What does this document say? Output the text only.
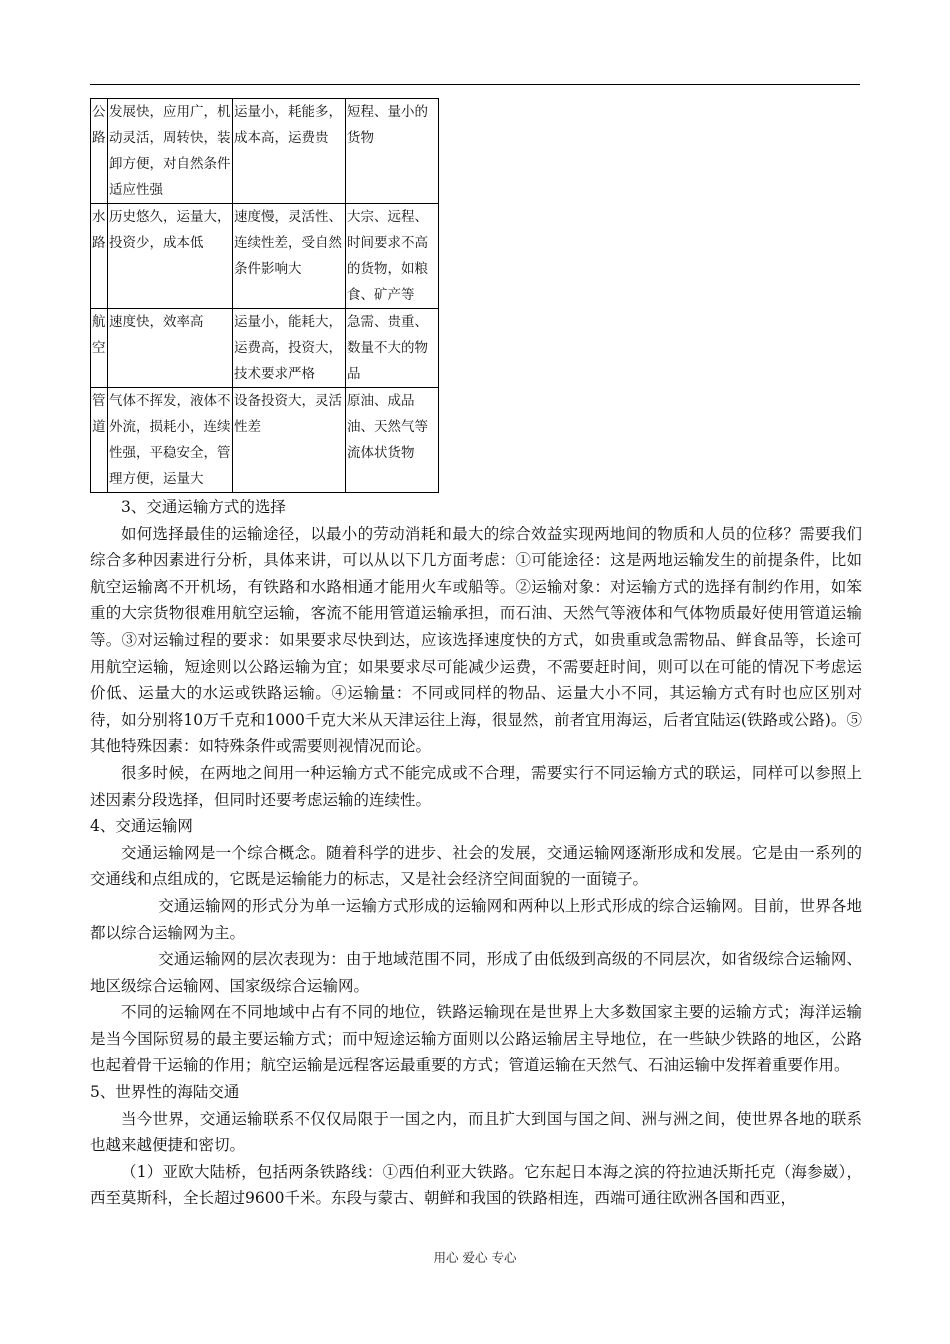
公路	发展快，应用广，机动灵活，周转快，装卸方便，对自然条件适应性强	运量小，耗能多，成本高，运费贵	短程、量小的货物
水路	历史悠久，运量大，投资少，成本低	速度慢，灵活性、连续性差，受自然条件影响大	大宗、远程、时间要求不高的货物，如粮食、矿产等
航空	速度快，效率高	运量小，能耗大，运费高，投资大，技术要求严格	急需、贵重、数量不大的物品
管道	气体不挥发，液体不外流，损耗小，连续性强，平稳安全，管理方便，运量大	设备投资大，灵活性差	原油、成品油、天然气等流体状货物

3、交通运输方式的选择

如何选择最佳的运输途径，以最小的劳动消耗和最大的综合效益实现两地间的物质和人员的位移？需要我们综合多种因素进行分析，具体来讲，可以从以下几方面考虑：①可能途径：这是两地运输发生的前提条件，比如航空运输离不开机场，有铁路和水路相通才能用火车或船等。②运输对象：对运输方式的选择有制约作用，如笨重的大宗货物很难用航空运输，客流不能用管道运输承担，而石油、天然气等液体和气体物质最好使用管道运输等。③对运输过程的要求：如果要求尽快到达，应该选择速度快的方式，如贵重或急需物品、鲜食品等，长途可用航空运输，短途则以公路运输为宜；如果要求尽可能减少运费，不需要赶时间，则可以在可能的情况下考虑运价低、运量大的水运或铁路运输。④运输量：不同或同样的物品、运量大小不同，其运输方式有时也应区别对待，如分别将10万千克和1000千克大米从天津运往上海，很显然，前者宜用海运，后者宜陆运(铁路或公路)。⑤其他特殊因素：如特殊条件或需要则视情况而论。

很多时候，在两地之间用一种运输方式不能完成或不合理，需要实行不同运输方式的联运，同样可以参照上述因素分段选择，但同时还要考虑运输的连续性。

4、交通运输网

交通运输网是一个综合概念。随着科学的进步、社会的发展，交通运输网逐渐形成和发展。它是由一系列的交通线和点组成的，它既是运输能力的标志，又是社会经济空间面貌的一面镜子。

交通运输网的形式分为单一运输方式形成的运输网和两种以上形式形成的综合运输网。目前，世界各地都以综合运输网为主。

交通运输网的层次表现为：由于地域范围不同，形成了由低级到高级的不同层次，如省级综合运输网、地区级综合运输网、国家级综合运输网。

不同的运输网在不同地域中占有不同的地位，铁路运输现在是世界上大多数国家主要的运输方式；海洋运输是当今国际贸易的最主要运输方式；而中短途运输方面则以公路运输居主导地位，在一些缺少铁路的地区，公路也起着骨干运输的作用；航空运输是远程客运最重要的方式；管道运输在天然气、石油运输中发挥着重要作用。

5、世界性的海陆交通

当今世界，交通运输联系不仅仅局限于一国之内，而且扩大到国与国之间、洲与洲之间，使世界各地的联系也越来越便捷和密切。

（1）亚欧大陆桥，包括两条铁路线：①西伯利亚大铁路。它东起日本海之滨的符拉迪沃斯托克（海参崴），西至莫斯科，全长超过9600千米。东段与蒙古、朝鲜和我国的铁路相连，西端可通往欧洲各国和西亚，

用心 爱心 专心
